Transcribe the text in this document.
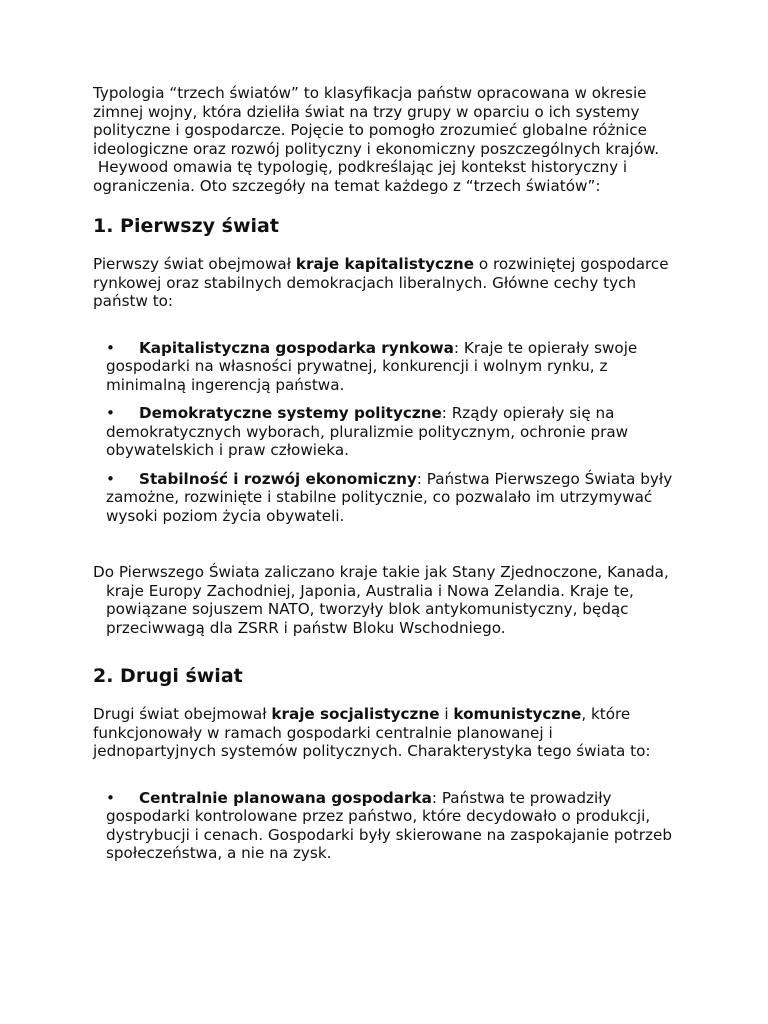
Typologia “trzech światów” to klasyfikacja państw opracowana w okresie zimnej wojny, która dzieliła świat na trzy grupy w oparciu o ich systemy polityczne i gospodarcze. Pojęcie to pomogło zrozumieć globalne różnice ideologiczne oraz rozwój polityczny i ekonomiczny poszczególnych krajów.

Heywood omawia tę typologię, podkreślając jej kontekst historyczny i ograniczenia. Oto szczegóły na temat każdego z “trzech światów”:

1. Pierwszy świat

Pierwszy świat obejmował kraje kapitalistyczne o rozwiniętej gospodarce rynkowej oraz stabilnych demokracjach liberalnych. Główne cechy tych państw to:

• Kapitalistyczna gospodarka rynkowa: Kraje te opierały swoje gospodarki na własności prywatnej, konkurencji i wolnym rynku, z minimalną ingerencją państwa.
• Demokratyczne systemy polityczne: Rządy opierały się na demokratycznych wyborach, pluralizmie politycznym, ochronie praw obywatelskich i praw człowieka.
• Stabilność i rozwój ekonomiczny: Państwa Pierwszego Świata były zamożne, rozwinięte i stabilne politycznie, co pozwalało im utrzymywać wysoki poziom życia obywateli.

Do Pierwszego Świata zaliczano kraje takie jak Stany Zjednoczone, Kanada, kraje Europy Zachodniej, Japonia, Australia i Nowa Zelandia. Kraje te, powiązane sojuszem NATO, tworzyły blok antykomunistyczny, będąc przeciwwagą dla ZSRR i państw Bloku Wschodniego.

2. Drugi świat

Drugi świat obejmował kraje socjalistyczne i komunistyczne, które funkcjonowały w ramach gospodarki centralnie planowanej i jednopartyjnych systemów politycznych. Charakterystyka tego świata to:

• Centralnie planowana gospodarka: Państwa te prowadziły gospodarki kontrolowane przez państwo, które decydowało o produkcji, dystrybucji i cenach. Gospodarki były skierowane na zaspokajanie potrzeb społeczeństwa, a nie na zysk.
